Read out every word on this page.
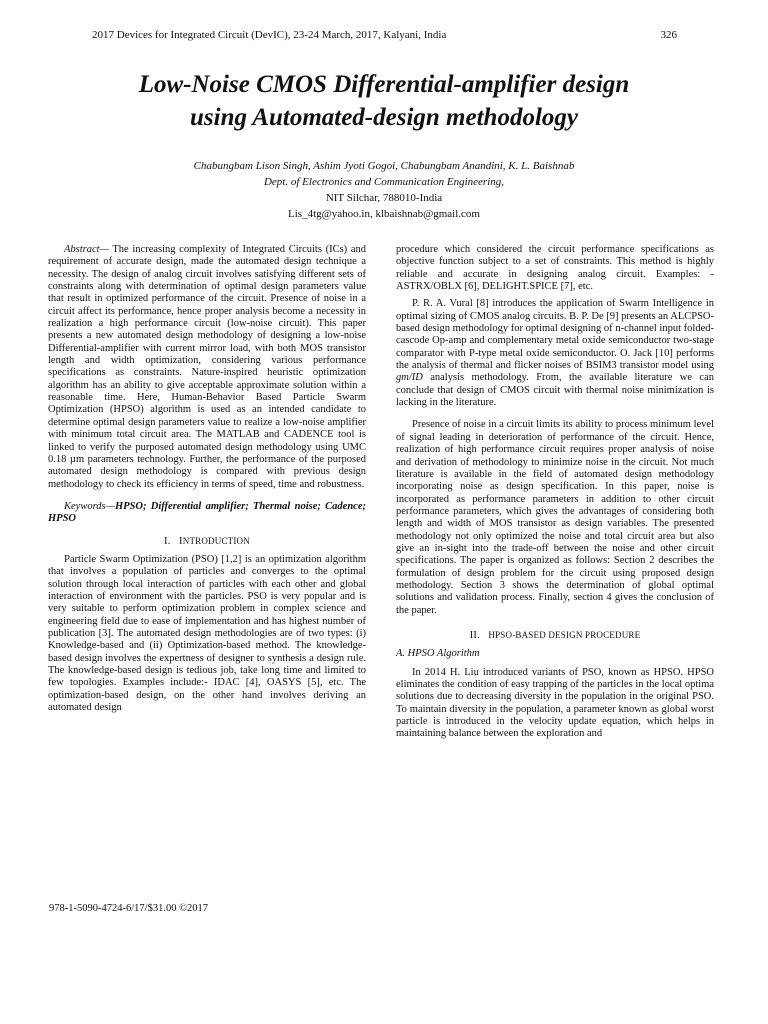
2017 Devices for Integrated Circuit (DevIC), 23-24 March, 2017, Kalyani, India	326
Low-Noise CMOS Differential-amplifier design
using Automated-design methodology
Chabungbam Lison Singh, Ashim Jyoti Gogoi, Chabungbam Anandini, K. L. Baishnab
Dept. of Electronics and Communication Engineering,
NIT Silchar, 788010-India
Lis_4tg@yahoo.in, klbaishnab@gmail.com

Abstract— The increasing complexity of Integrated Circuits (ICs) and requirement of accurate design, made the automated design technique a necessity. The design of analog circuit involves satisfying different sets of constraints along with determination of optimal design parameters value that result in optimized performance of the circuit. Presence of noise in a circuit affect its performance, hence proper analysis become a necessity in realization a high performance circuit (low-noise circuit). This paper presents a new automated design methodology of designing a low-noise Differential-amplifier with current mirror load, with both MOS transistor length and width optimization, considering various performance specifications as constraints. Nature-inspired heuristic optimization algorithm has an ability to give acceptable approximate solution within a reasonable time. Here, Human-Behavior Based Particle Swarm Optimization (HPSO) algorithm is used as an intended candidate to determine optimal design parameters value to realize a low-noise amplifier with minimum total circuit area. The MATLAB and CADENCE tool is linked to verify the purposed automated design methodology using UMC 0.18 µm parameters technology. Further, the performance of the purposed automated design methodology is compared with previous design methodology to check its efficiency in terms of speed, time and robustness.

Keywords—HPSO; Differential amplifier; Thermal noise; Cadence; HPSO

I. INTRODUCTION

Particle Swarm Optimization (PSO) [1,2] is an optimization algorithm that involves a population of particles and converges to the optimal solution through local interaction of particles with each other and global interaction of environment with the particles. PSO is very popular and is very suitable to perform optimization problem in complex science and engineering field due to ease of implementation and has highest number of publication [3]. The automated design methodologies are of two types: (i) Knowledge-based and (ii) Optimization-based method. The knowledge-based design involves the expertness of designer to synthesis a design rule. The knowledge-based design is tedious job, take long time and limited to few topologies. Examples include:- IDAC [4], OASYS [5], etc. The optimization-based design, on the other hand involves deriving an automated design

procedure which considered the circuit performance specifications as objective function subject to a set of constraints. This method is highly reliable and accurate in designing analog circuit. Examples: - ASTRX/OBLX [6], DELIGHT.SPICE [7], etc.

P. R. A. Vural [8] introduces the application of Swarm Intelligence in optimal sizing of CMOS analog circuits. B. P. De [9] presents an ALCPSO-based design methodology for optimal designing of n-channel input folded-cascode Op-amp and complementary metal oxide semiconductor two-stage comparator with P-type metal oxide semiconductor. O. Jack [10] performs the analysis of thermal and flicker noises of BSIM3 transistor model using gm/ID analysis methodology. From, the available literature we can conclude that design of CMOS circuit with thermal noise minimization is lacking in the literature.

Presence of noise in a circuit limits its ability to process minimum level of signal leading in deterioration of performance of the circuit. Hence, realization of high performance circuit requires proper analysis of noise and derivation of methodology to minimize noise in the circuit. Not much literature is available in the field of automated design methodology incorporating noise as design specification. In this paper, noise is incorporated as performance parameters in addition to other circuit performance parameters, which gives the advantages of considering both length and width of MOS transistor as design variables. The presented methodology not only optimized the noise and total circuit area but also give an in-sight into the trade-off between the noise and other circuit specifications. The paper is organized as follows: Section 2 describes the formulation of design problem for the circuit using proposed design methodology. Section 3 shows the determination of global optimal solutions and validation process. Finally, section 4 gives the conclusion of the paper.

II. HPSO-BASED DESIGN PROCEDURE
A. HPSO Algorithm

In 2014 H. Liu introduced variants of PSO, known as HPSO. HPSO eliminates the condition of easy trapping of the particles in the local optima solutions due to decreasing diversity in the population in the original PSO. To maintain diversity in the population, a parameter known as global worst particle is introduced in the velocity update equation, which helps in maintaining balance between the exploration and

978-1-5090-4724-6/17/$31.00 ©2017
